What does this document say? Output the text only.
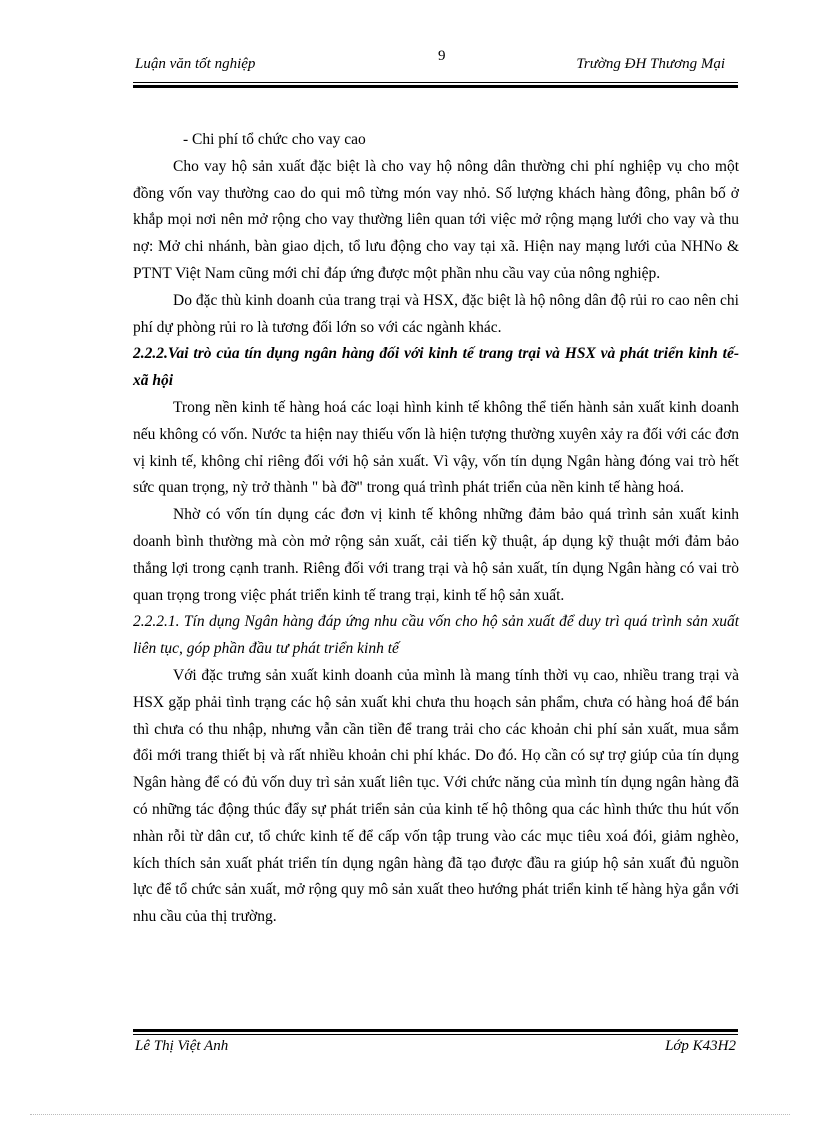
Luận văn tốt nghiệp	9	Trường ĐH Thương Mại

- Chi phí tổ chức cho vay cao

Cho vay hộ sản xuất đặc biệt là cho vay hộ nông dân thường chi phí nghiệp vụ cho một đồng vốn vay thường cao do qui mô từng món vay nhỏ. Số lượng khách hàng đông, phân bố ở khắp mọi nơi nên mở rộng cho vay thường liên quan tới việc mở rộng mạng lưới cho vay và thu nợ: Mở chi nhánh, bàn giao dịch, tổ lưu động cho vay tại xã. Hiện nay mạng lưới của NHNo & PTNT Việt Nam cũng mới chỉ đáp ứng được một phần nhu cầu vay của nông nghiệp.

Do đặc thù kinh doanh của trang trại và HSX, đặc biệt là hộ nông dân độ rủi ro cao nên chi phí dự phòng rủi ro là tương đối lớn so với các ngành khác.

2.2.2.Vai trò của tín dụng ngân hàng đối với kinh tế trang trại và HSX và phát triển kinh tế- xã hội

Trong nền kinh tế hàng hoá các loại hình kinh tế không thể tiến hành sản xuất kinh doanh nếu không có vốn. Nước ta hiện nay thiếu vốn là hiện tượng thường xuyên xảy ra đối với các đơn vị kinh tế, không chỉ riêng đối với hộ sản xuất. Vì vậy, vốn tín dụng Ngân hàng đóng vai trò hết sức quan trọng, nỳ trở thành " bà đỡ" trong quá trình phát triển của nền kinh tế hàng hoá.

Nhờ có vốn tín dụng các đơn vị kinh tế không những đảm bảo quá trình sản xuất kinh doanh bình thường mà còn mở rộng sản xuất, cải tiến kỹ thuật, áp dụng kỹ thuật mới đảm bảo thắng lợi trong cạnh tranh. Riêng đối với trang trại và hộ sản xuất, tín dụng Ngân hàng có vai trò quan trọng trong việc phát triển kinh tế trang trại, kinh tế hộ sản xuất.

2.2.2.1. Tín dụng Ngân hàng đáp ứng nhu cầu vốn cho hộ sản xuất để duy trì quá trình sản xuất liên tục, góp phần đầu tư phát triển kinh tế

Với đặc trưng sản xuất kinh doanh của mình là mang tính thời vụ cao, nhiều trang trại và HSX gặp phải tình trạng các hộ sản xuất khi chưa thu hoạch sản phẩm, chưa có hàng hoá để bán thì chưa có thu nhập, nhưng vẫn cần tiền để trang trải cho các khoản chi phí sản xuất, mua sắm đổi mới trang thiết bị và rất nhiều khoản chi phí khác. Do đó. Họ cần có sự trợ giúp của tín dụng Ngân hàng để có đủ vốn duy trì sản xuất liên tục. Với chức năng của mình tín dụng ngân hàng đã có những tác động thúc đẩy sự phát triển sản của kinh tế hộ thông qua các hình thức thu hút vốn nhàn rỗi từ dân cư, tổ chức kinh tế để cấp vốn tập trung vào các mục tiêu xoá đói, giảm nghèo, kích thích sản xuất phát triển tín dụng ngân hàng đã tạo được đầu ra giúp hộ sản xuất đủ nguồn lực để tổ chức sản xuất, mở rộng quy mô sản xuất theo hướng phát triển kinh tế hàng hỳa gắn với nhu cầu của thị trường.

Lê Thị Việt Anh	Lớp K43H2
